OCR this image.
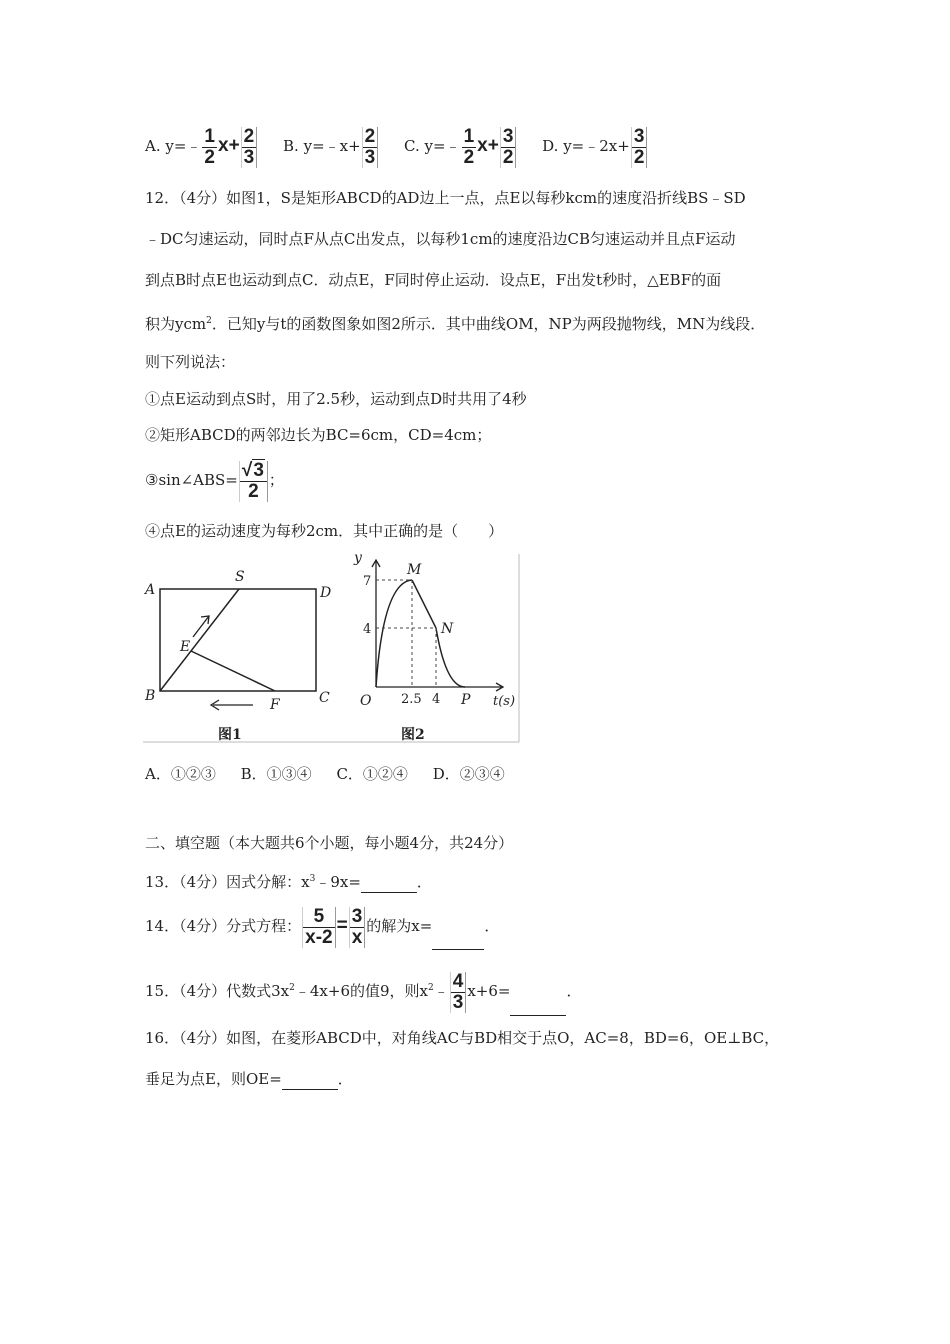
A. y=﹣ $\frac{1}{2} x+ \frac{2}{3} B$. y=﹣x+ $\frac{2}{3} C$. y=﹣ $\frac{1}{2} x+ \frac{3}{2} D$. y=﹣2x+ $\frac{3}{2}$
12．（4分）如图1，S是矩形ABCD的AD边上一点，点E以每秒kcm的速度沿折线BS﹣SD
﹣DC匀速运动，同时点F从点C出发点，以每秒1cm的速度沿边CB匀速运动并且点F运动
到点B时点E也运动到点C．动点E，F同时停止运动．设点E，F出发t秒时，△EBF的面
积为ycm$^2$．已知y与t的函数图象如图2所示．其中曲线OM，NP为两段抛物线，MN为线段．
则下列说法：
①点E运动到点S时，用了2.5秒，运动到点D时共用了4秒
②矩形ABCD的两邻边长为BC=6cm，CD=4cm；
③sin∠ABS= $\frac{√3}{2}$ ；
④点E的运动速度为每秒2cm．其中正确的是（　　）
A
S
D
E
B
F	C
图1
y
M
N
O	P t(s)
7
4
2.5 4
图2
A．①②③ B．①③④ C．①②④ D．②③④
二、填空题（本大题共6个小题，每小题4分，共24分）
13．（4分）因式分解：$x^3﹣9x=$	．
14．（4分）分式方程： $\frac{5}{x-2} = \frac{3}{x}$ 的解为x=	．
15．（4分）代数式$3x^2﹣4x+6$的值9，则$x^2﹣ \frac{4}{3} x+6=$	．
16．（4分）如图，在菱形ABCD中，对角线AC与BD相交于点O，AC=8，BD=6，OE⊥BC，
垂足为点E，则OE=	．
